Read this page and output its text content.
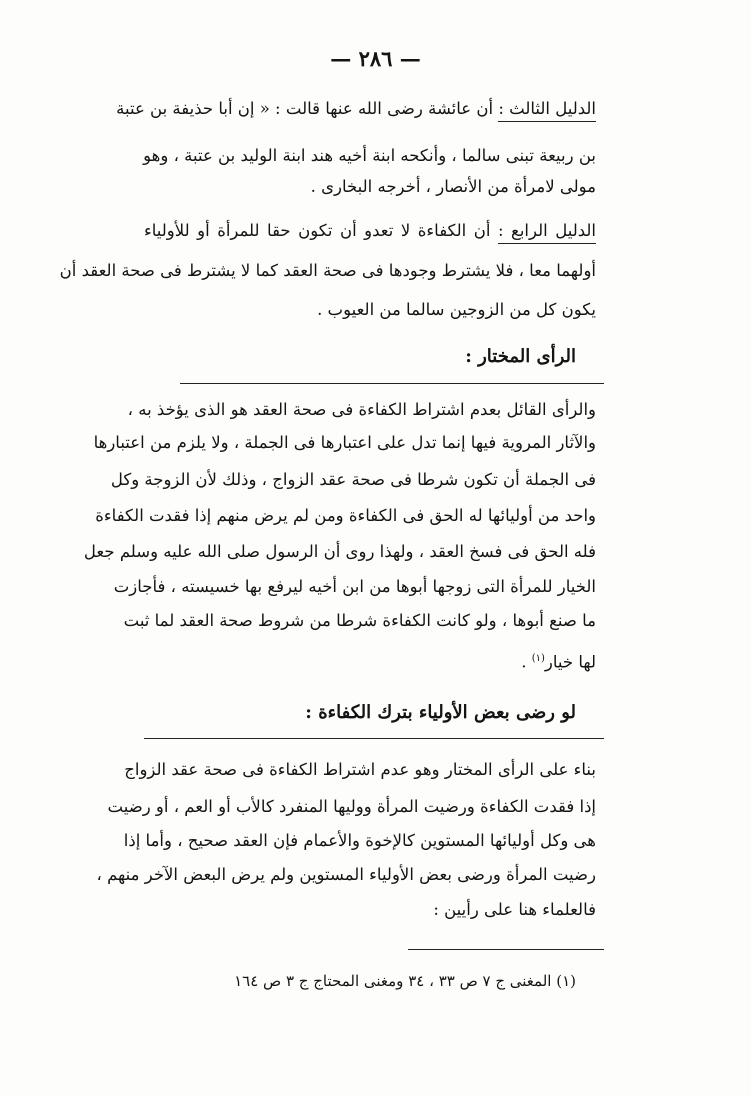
— ٢٨٦ —
الدليل الثالث : أن عائشة رضى الله عنها قالت : « إن أبا حذيفة بن عتبة
بن ربيعة تبنى سالما ، وأنكحه ابنة أخيه هند ابنة الوليد بن عتبة ، وهو
مولى لامرأة من الأنصار ، أخرجه البخارى .
الدليل الرابع : أن الكفاءة لا تعدو أن تكون حقا للمرأة أو للأولياء
أولهما معا ، فلا يشترط وجودها فى صحة العقد كما لا يشترط فى صحة العقد أن
يكون كل من الزوجين سالما من العيوب .
الرأى المختار :
والرأى القائل بعدم اشتراط الكفاءة فى صحة العقد هو الذى يؤخذ به ،
والآثار المروية فيها إنما تدل على اعتبارها فى الجملة ، ولا يلزم من اعتبارها
فى الجملة أن تكون شرطا فى صحة عقد الزواج ، وذلك لأن الزوجة وكل
واحد من أوليائها له الحق فى الكفاءة ومن لم يرض منهم إذا فقدت الكفاءة
فله الحق فى فسخ العقد ، ولهذا روى أن الرسول صلى الله عليه وسلم جعل
الخيار للمرأة التى زوجها أبوها من ابن أخيه ليرفع بها خسيسته ، فأجازت
ما صنع أبوها ، ولو كانت الكفاءة شرطا من شروط صحة العقد لما ثبت
لها خيار$^{(١)}$ .
لو رضى بعض الأولياء بترك الكفاءة :
بناء على الرأى المختار وهو عدم اشتراط الكفاءة فى صحة عقد الزواج
إذا فقدت الكفاءة ورضيت المرأة ووليها المنفرد كالأب أو العم ، أو رضيت
هى وكل أوليائها المستوين كالإخوة والأعمام فإن العقد صحيح ، وأما إذا
رضيت المرأة ورضى بعض الأولياء المستوين ولم يرض البعض الآخر منهم ،
فالعلماء هنا على رأيين :
(١) المغنى ج ٧ ص ٣٣ ، ٣٤ ومغنى المحتاج ج ٣ ص ١٦٤
